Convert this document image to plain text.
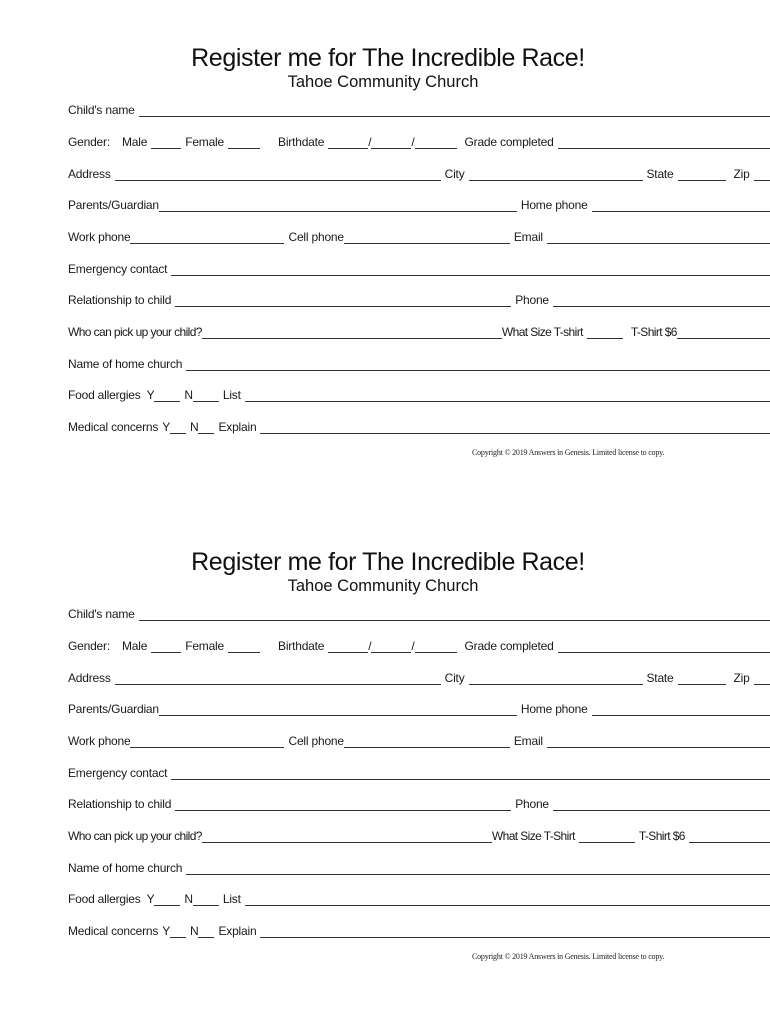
Register me for The Incredible Race!
Tahoe Community Church
Child's name
Gender: Male	Female	Birthdate	/	/	Grade completed
Address	City	State	Zip
Parents/Guardian	Home phone
Work phone	Cell phone	Email
Emergency contact
Relationship to child	Phone
Who can pick up your child?	What Size T-shirt	T-Shirt $6
Name of home church
Food allergies Y	N	List
Medical concerns Y N Explain
Copyright © 2019 Answers in Genesis. Limited license to copy.
Register me for The Incredible Race!
Tahoe Community Church
Child's name
Gender: Male	Female	Birthdate	/	/	Grade completed
Address	City	State	Zip
Parents/Guardian	Home phone
Work phone	Cell phone	Email
Emergency contact
Relationship to child	Phone
Who can pick up your child?	What Size T-Shirt	T-Shirt $6
Name of home church
Food allergies Y	N	List
Medical concerns Y N Explain
Copyright © 2019 Answers in Genesis. Limited license to copy.
